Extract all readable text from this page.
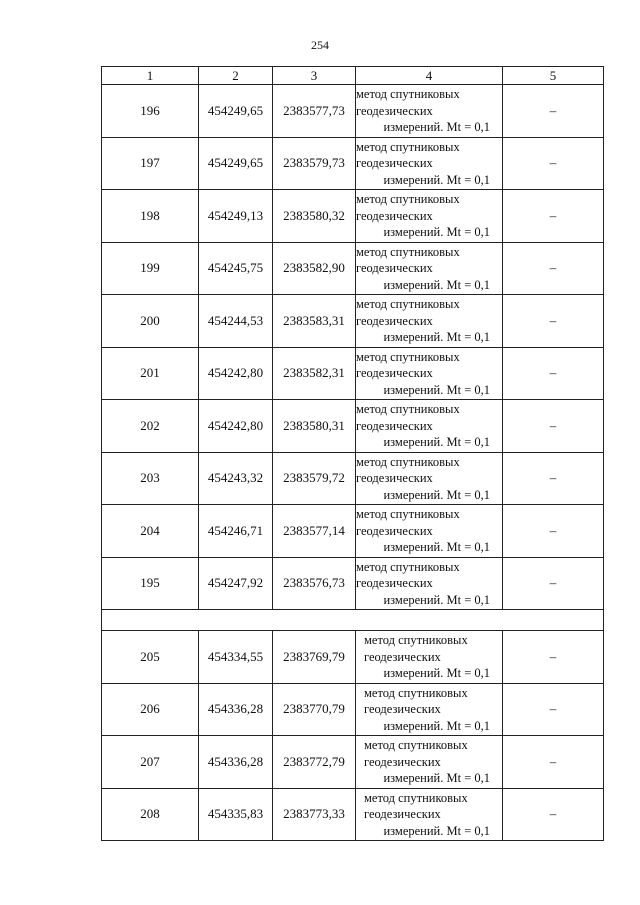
254
1	2	3	4	5
196	454249,65	2383577,73	метод спутниковых
геодезических
измерений. Mt = 0,1	–
197	454249,65	2383579,73	метод спутниковых
геодезических
измерений. Mt = 0,1	–
198	454249,13	2383580,32	метод спутниковых
геодезических
измерений. Mt = 0,1	–
199	454245,75	2383582,90	метод спутниковых
геодезических
измерений. Mt = 0,1	–
200	454244,53	2383583,31	метод спутниковых
геодезических
измерений. Mt = 0,1	–
201	454242,80	2383582,31	метод спутниковых
геодезических
измерений. Mt = 0,1	–
202	454242,80	2383580,31	метод спутниковых
геодезических
измерений. Mt = 0,1	–
203	454243,32	2383579,72	метод спутниковых
геодезических
измерений. Mt = 0,1	–
204	454246,71	2383577,14	метод спутниковых
геодезических
измерений. Mt = 0,1	–
195	454247,92	2383576,73	метод спутниковых
геодезических
измерений. Mt = 0,1	–

205	454334,55	2383769,79	метод спутниковых
геодезических
измерений. Mt = 0,1	–
206	454336,28	2383770,79	метод спутниковых
геодезических
измерений. Mt = 0,1	–
207	454336,28	2383772,79	метод спутниковых
геодезических
измерений. Mt = 0,1	–
208	454335,83	2383773,33	метод спутниковых
геодезических
измерений. Mt = 0,1	–
